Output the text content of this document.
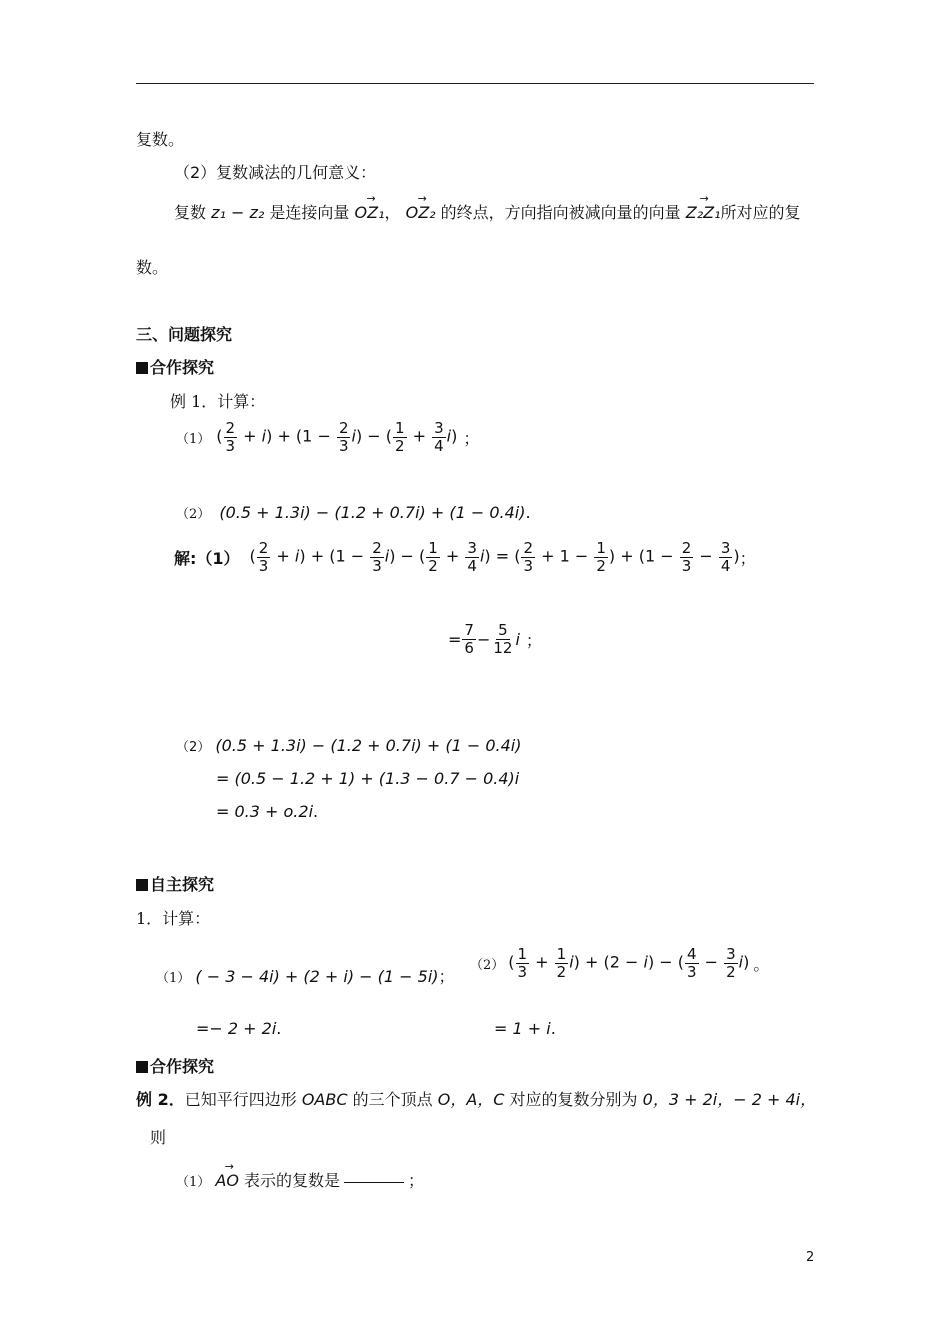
复数。
（2）复数减法的几何意义：
复数 z₁ − z₂ 是连接向量
→
OZ₁，
→
OZ₂ 的终点，方向指向被减向量的向量
→
Z₂Z₁所对应的复
数。
三、问题探究
合作探究
例 1．计算：
（1） ( $\frac{2}{3} + i) + (1 - \frac{2}{3} i)$ − ( $\frac{1}{2} + \frac{3}{4} i$) ；
（2） (0.5 + 1.3i) − (1.2 + 0.7i) + (1 − 0.4i).
解:（1） ( $\frac{2}{3} + i) + (1 - \frac{2}{3} i)$ − ( $\frac{1}{2} + \frac{3}{4} i$) = ( $\frac{2}{3} + 1 - \frac{1}{2}$ ) + ($1 - \frac{2}{3} - \frac{3}{4}$ ) ；
= $\frac{7}{6} - \frac{5}{12}$ i ；
（2） (0.5 + 1.3i) − (1.2 + 0.7i) + (1 − 0.4i)
= (0.5 − 1.2 + 1) + (1.3 − 0.7 − 0.4)i
= 0.3 + o.2i.
自主探究
1．计算：
（1） ( − 3 − 4i) + (2 + i) − (1 − 5i)；
（2） ( $\frac{1}{3} + \frac{1}{2} i) + (2 - i)$ − ( $\frac{4}{3} - \frac{3}{2} i$) 。
=− 2 + 2i.	= 1 + i.
合作探究
例 2．已知平行四边形 OABC 的三个顶点 O，A，C 对应的复数分别为 0，3 + 2i，− 2 + 4i，
则
（1）
→
AO 表示的复数是	；
2
